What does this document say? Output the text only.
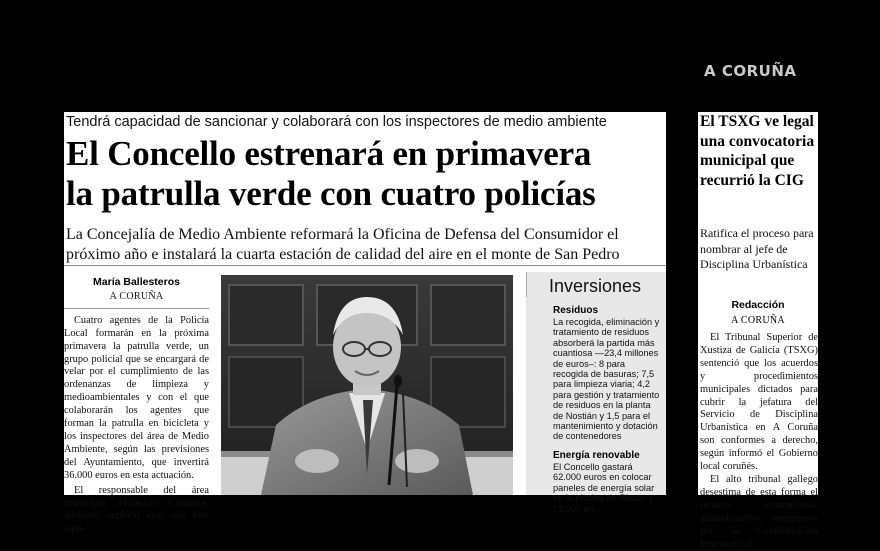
A CORUÑA
Tendrá capacidad de sancionar y colaborará con los inspectores de medio ambiente
El Concello estrenará en primavera
la patrulla verde con cuatro policías
La Concejalía de Medio Ambiente reformará la Oficina de Defensa del Consumidor el
próximo año e instalará la cuarta estación de calidad del aire en el monte de San Pedro
María Ballesteros
A CORUÑA

Cuatro agentes de la Policía Local formarán en la próxima primavera la patrulla verde, un grupo policial que se encargará de velar por el cumplimiento de las ordenanzas de limpieza y medioambientales y con el que colaborarán los agentes que forman la patrulla en bicicleta y los inspectores del área de Medio Ambiente, según las previsiones del Ayuntamiento, que invertirá 36.000 euros en esta actuación.

El responsable del área municipal, Florencio Cardador, adelantó también ayer que este equi-

Inversiones
Residuos

La recogida, eliminación y tratamiento de residuos absorberá la partida más cuantiosa —23,4 millones de euros–: 8 para recogida de basuras; 7,5 para limpieza viaria; 4,2 para gestión y tratamiento de residuos en la planta de Nostián y 1,5 para el mantenimiento y dotación de contenedores

Energía renovable

El Concello gastará 62.000 euros en colocar paneles de energía solar en la piscina de Riazor y 12.000 en

El TSXG ve legal una convocatoria municipal que recurrió la CIG
Ratifica el proceso para nombrar al jefe de Disciplina Urbanística
Redacción
A CORUÑA

El Tribunal Superior de Xustiza de Galicia (TSXG) sentenció que los acuerdos y procedimientos municipales dictados para cubrir la jefatura del Servicio de Disciplina Urbanística en A Coruña son conformes a derecho, según informó el Gobierno local coruñés.

El alto tribunal gallego desestima de esta forma el recurso contencioso-administrativo interpuesto por la Confederación Intersindical
